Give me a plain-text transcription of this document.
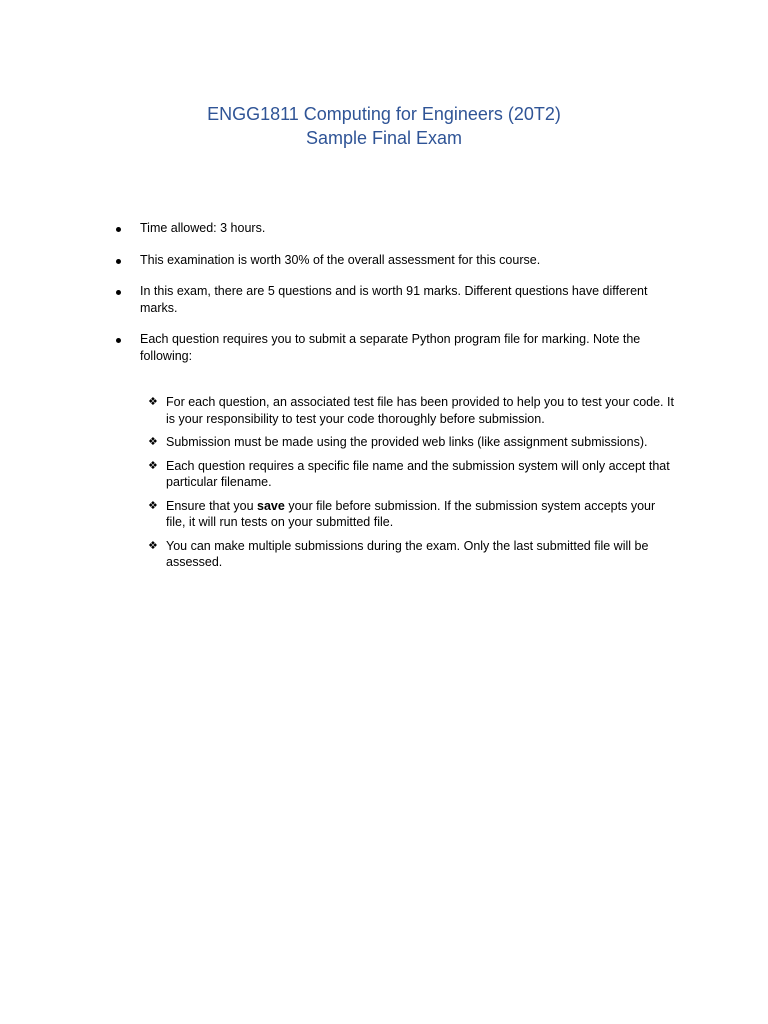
ENGG1811 Computing for Engineers (20T2)
Sample Final Exam
Time allowed: 3 hours.
This examination is worth 30% of the overall assessment for this course.
In this exam, there are 5 questions and is worth 91 marks. Different questions have different marks.
Each question requires you to submit a separate Python program file for marking. Note the following:
❖ For each question, an associated test file has been provided to help you to test your code. It is your responsibility to test your code thoroughly before submission.
❖ Submission must be made using the provided web links (like assignment submissions).
❖ Each question requires a specific file name and the submission system will only accept that particular filename.
❖ Ensure that you save your file before submission. If the submission system accepts your file, it will run tests on your submitted file.
❖ You can make multiple submissions during the exam. Only the last submitted file will be assessed.
